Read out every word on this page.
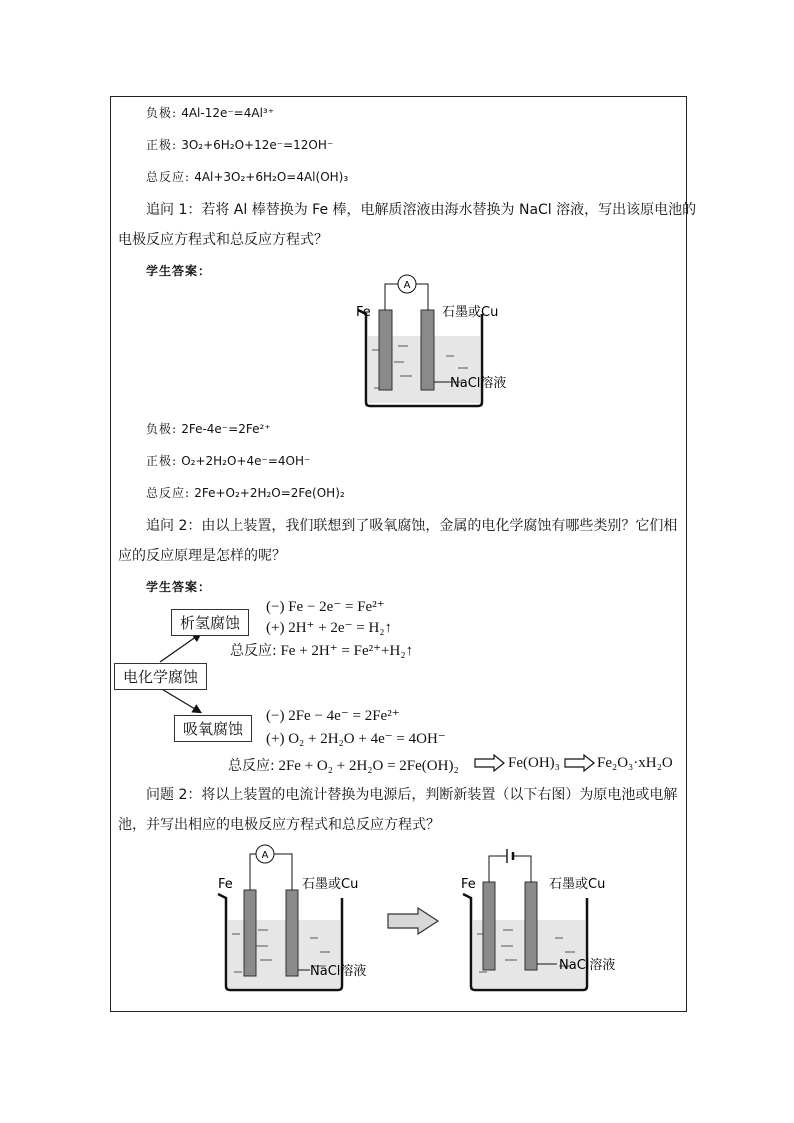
负极: 4Al-12e⁻=4Al³⁺
正极: 3O₂+6H₂O+12e⁻=12OH⁻
总反应: 4Al+3O₂+6H₂O=4Al(OH)₃
追问 1：若将 Al 棒替换为 Fe 棒，电解质溶液由海水替换为 NaCl 溶液，写出该原电池的
电极反应方程式和总反应方程式？
学生答案：
A
Fe	石墨或Cu
NaCl溶液
负极: 2Fe-4e⁻=2Fe²⁺
正极: O₂+2H₂O+4e⁻=4OH⁻
总反应: 2Fe+O₂+2H₂O=2Fe(OH)₂
追问 2：由以上装置，我们联想到了吸氧腐蚀，金属的电化学腐蚀有哪些类别？它们相
应的反应原理是怎样的呢？
学生答案：
析氢腐蚀
电化学腐蚀
吸氧腐蚀
(−) Fe − 2e⁻ = Fe²⁺
(+) 2H⁺ + 2e⁻ = H₂↑
总反应: Fe + 2H⁺ = Fe²⁺+H₂↑
(−) 2Fe − 4e⁻ = 2Fe²⁺
(+) O₂ + 2H₂O + 4e⁻ = 4OH⁻
总反应: 2Fe + O₂ + 2H₂O = 2Fe(OH)₂	Fe(OH)₃ Fe₂O₃·xH₂O
问题 2：将以上装置的电流计替换为电源后，判断新装置（以下右图）为原电池或电解
池，并写出相应的电极反应方程式和总反应方程式？
A
Fe	石墨或Cu
NaCl溶液
Fe	石墨或Cu
NaCl溶液
